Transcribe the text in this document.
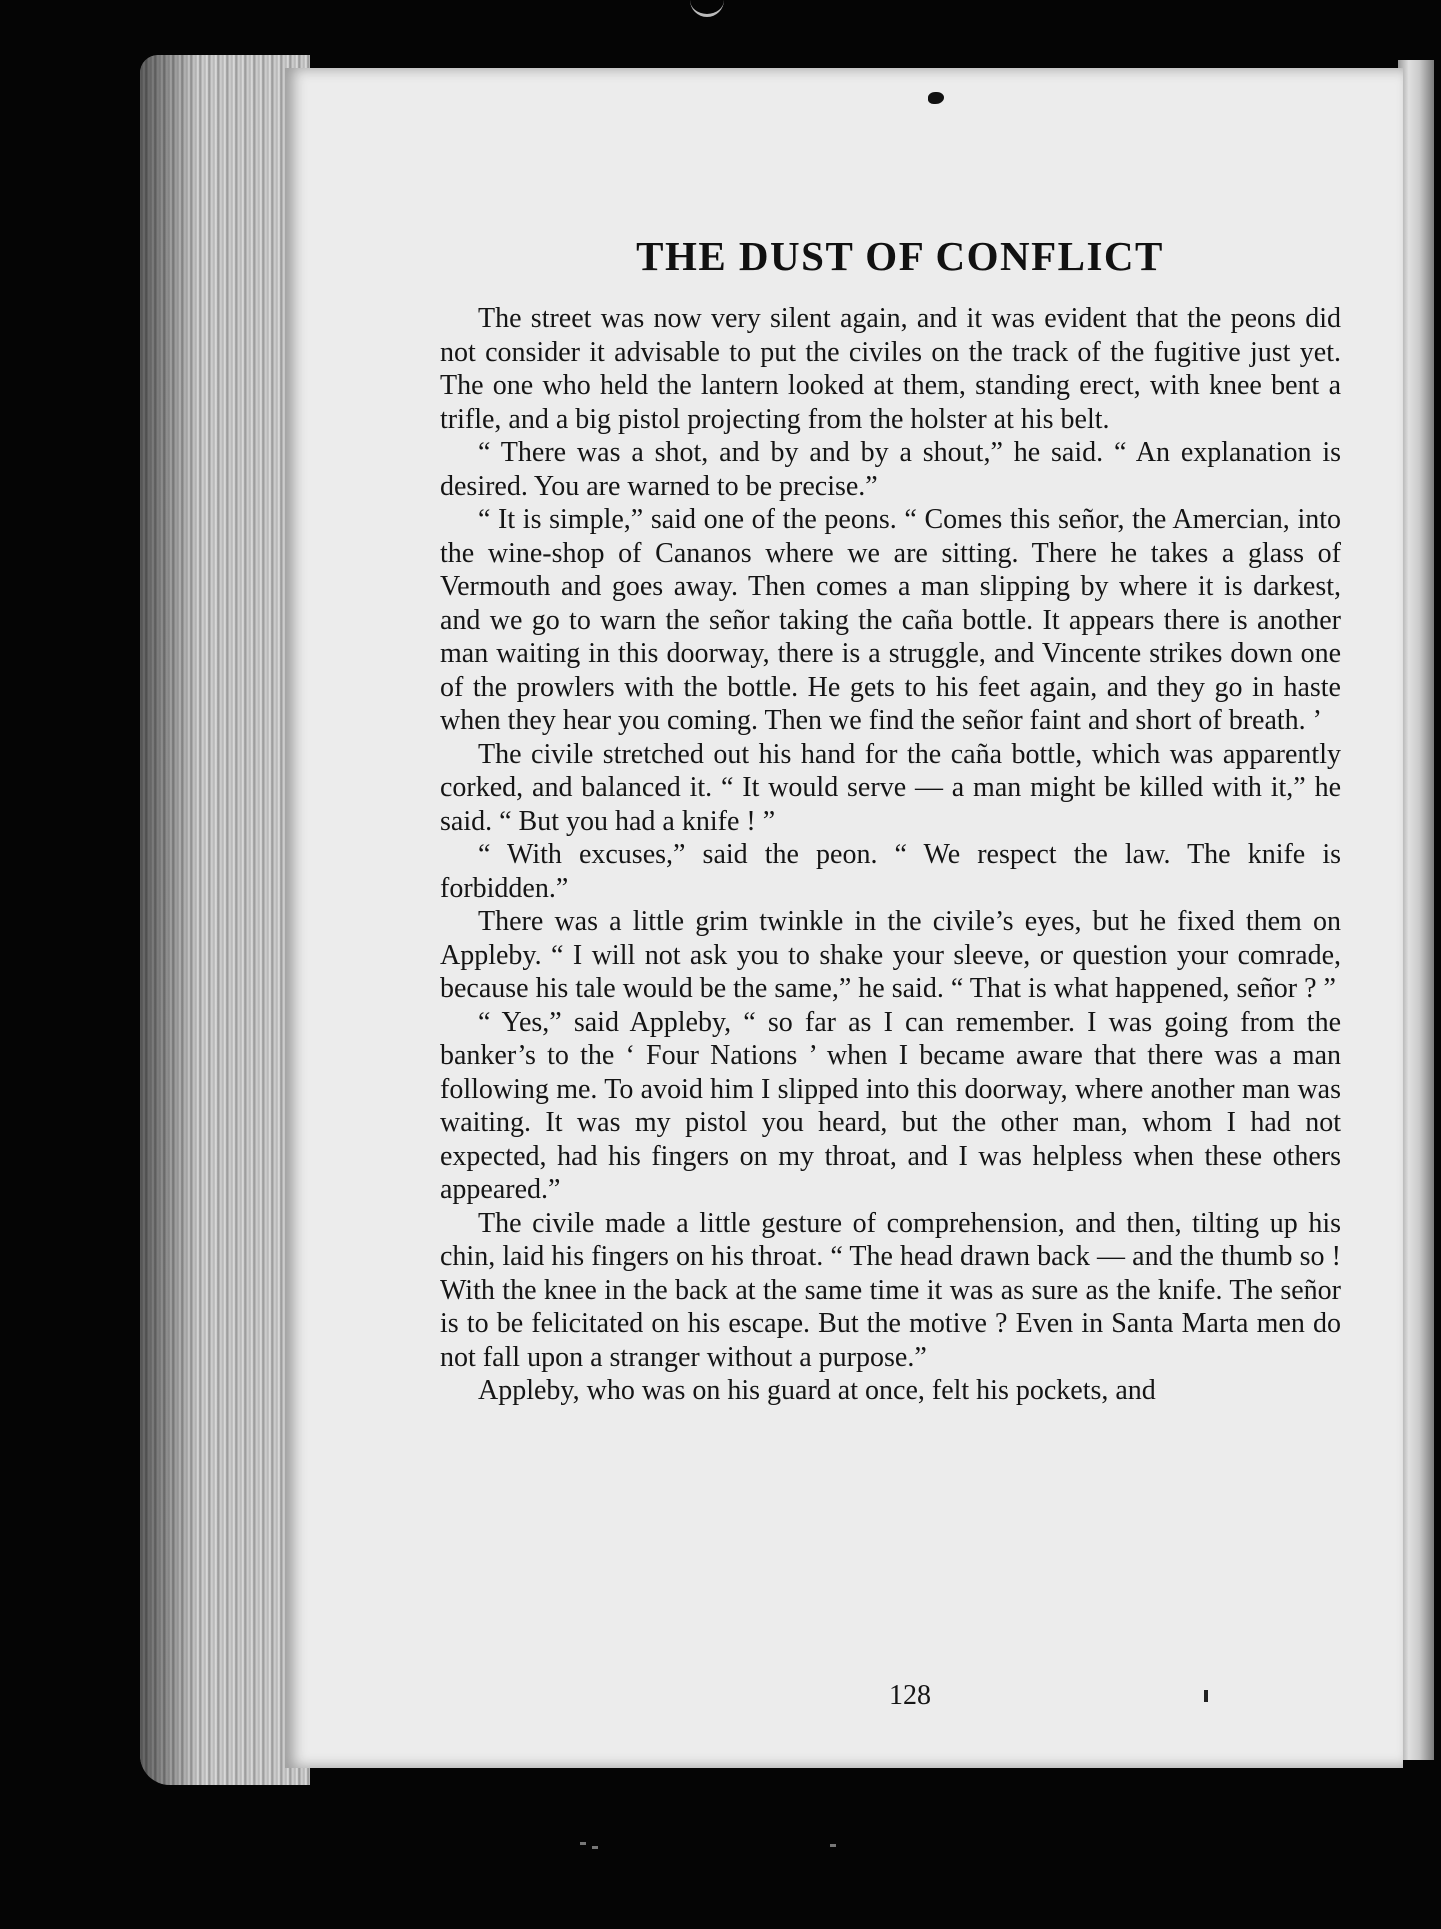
THE DUST OF CONFLICT

The street was now very silent again, and it was evident that the peons did not consider it advisable to put the civiles on the track of the fugitive just yet. The one who held the lantern looked at them, standing erect, with knee bent a trifle, and a big pistol projecting from the holster at his belt.

“ There was a shot, and by and by a shout,” he said. “ An explanation is desired. You are warned to be precise.”

“ It is simple,” said one of the peons. “ Comes this señor, the Amercian, into the wine-shop of Cananos where we are sitting. There he takes a glass of Vermouth and goes away. Then comes a man slipping by where it is darkest, and we go to warn the señor taking the caña bottle. It appears there is another man waiting in this doorway, there is a struggle, and Vincente strikes down one of the prowlers with the bottle. He gets to his feet again, and they go in haste when they hear you coming. Then we find the señor faint and short of breath. ’

The civile stretched out his hand for the caña bottle, which was apparently corked, and balanced it. “ It would serve — a man might be killed with it,” he said. “ But you had a knife ! ”

“ With excuses,” said the peon. “ We respect the law. The knife is forbidden.”

There was a little grim twinkle in the civile’s eyes, but he fixed them on Appleby. “ I will not ask you to shake your sleeve, or question your comrade, because his tale would be the same,” he said. “ That is what happened, señor ? ”

“ Yes,” said Appleby, “ so far as I can remember. I was going from the banker’s to the ‘ Four Nations ’ when I became aware that there was a man following me. To avoid him I slipped into this doorway, where another man was waiting. It was my pistol you heard, but the other man, whom I had not expected, had his fingers on my throat, and I was helpless when these others appeared.”

The civile made a little gesture of comprehension, and then, tilting up his chin, laid his fingers on his throat. “ The head drawn back — and the thumb so ! With the knee in the back at the same time it was as sure as the knife. The señor is to be felicitated on his escape. But the motive ? Even in Santa Marta men do not fall upon a stranger without a purpose.”

Appleby, who was on his guard at once, felt his pockets, and

128
